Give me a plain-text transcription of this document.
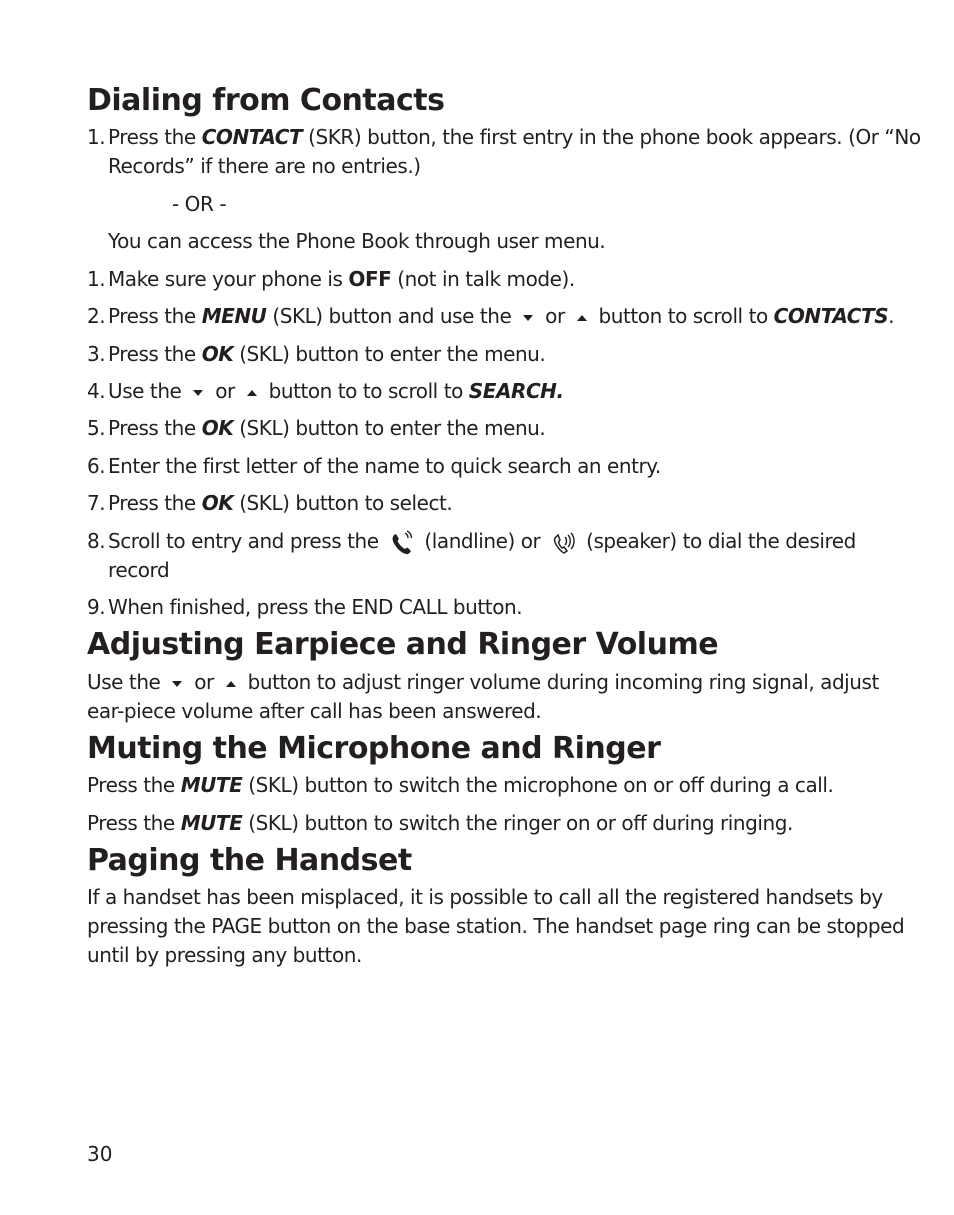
Dialing from Contacts
1. Press the CONTACT (SKR) button, the first entry in the phone book appears. (Or “No
Records” if there are no entries.)
- OR -
You can access the Phone Book through user menu.
1. Make sure your phone is OFF (not in talk mode).
2. Press the MENU (SKL) button and use the  or  button to scroll to CONTACTS.
3. Press the OK (SKL) button to enter the menu.
4. Use the  or  button to to scroll to SEARCH.
5. Press the OK (SKL) button to enter the menu.
6. Enter the first letter of the name to quick search an entry.
7. Press the OK (SKL) button to select.
8. Scroll to entry and press the  (landline) or  (speaker) to dial the desired
record
9. When finished, press the END CALL button.
Adjusting Earpiece and Ringer Volume
Use the  or  button to adjust ringer volume during incoming ring signal, adjust
ear-piece volume after call has been answered.
Muting the Microphone and Ringer
Press the MUTE (SKL) button to switch the microphone on or off during a call.
Press the MUTE (SKL) button to switch the ringer on or off during ringing.
Paging the Handset
If a handset has been misplaced, it is possible to call all the registered handsets by
pressing the PAGE button on the base station. The handset page ring can be stopped
until by pressing any button.
30
